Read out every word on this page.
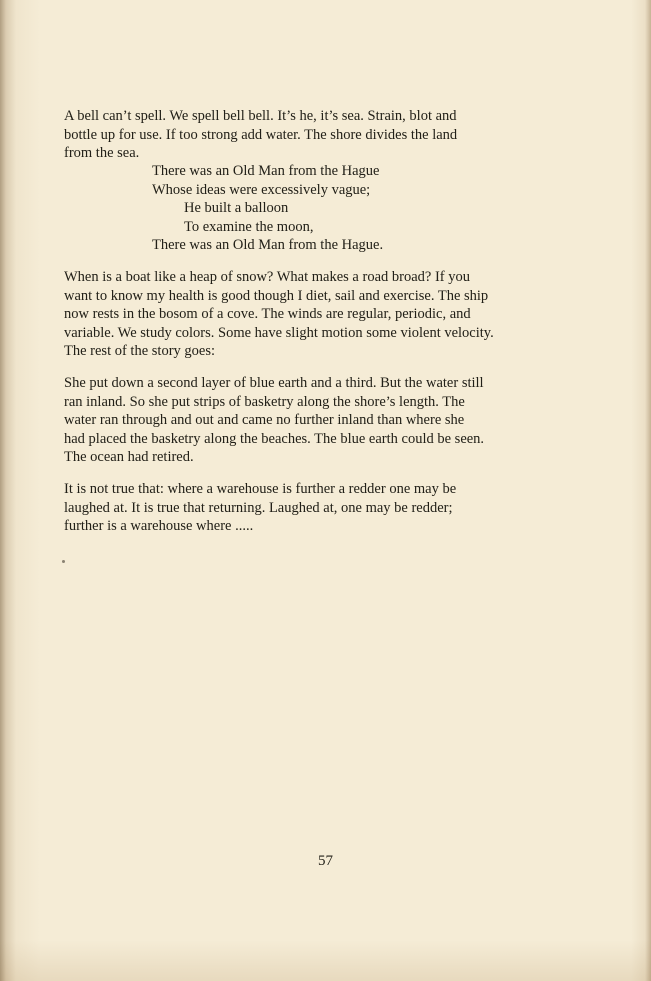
A bell can’t spell. We spell bell bell. It’s he, it’s sea. Strain, blot and
bottle up for use. If too strong add water. The shore divides the land
from the sea.
There was an Old Man from the Hague
Whose ideas were excessively vague;
He built a balloon
To examine the moon,
There was an Old Man from the Hague.
When is a boat like a heap of snow? What makes a road broad? If you
want to know my health is good though I diet, sail and exercise. The ship
now rests in the bosom of a cove. The winds are regular, periodic, and
variable. We study colors. Some have slight motion some violent velocity.
The rest of the story goes:
She put down a second layer of blue earth and a third. But the water still
ran inland. So she put strips of basketry along the shore’s length. The
water ran through and out and came no further inland than where she
had placed the basketry along the beaches. The blue earth could be seen.
The ocean had retired.
It is not true that: where a warehouse is further a redder one may be
laughed at. It is true that returning. Laughed at, one may be redder;
further is a warehouse where .....
57
